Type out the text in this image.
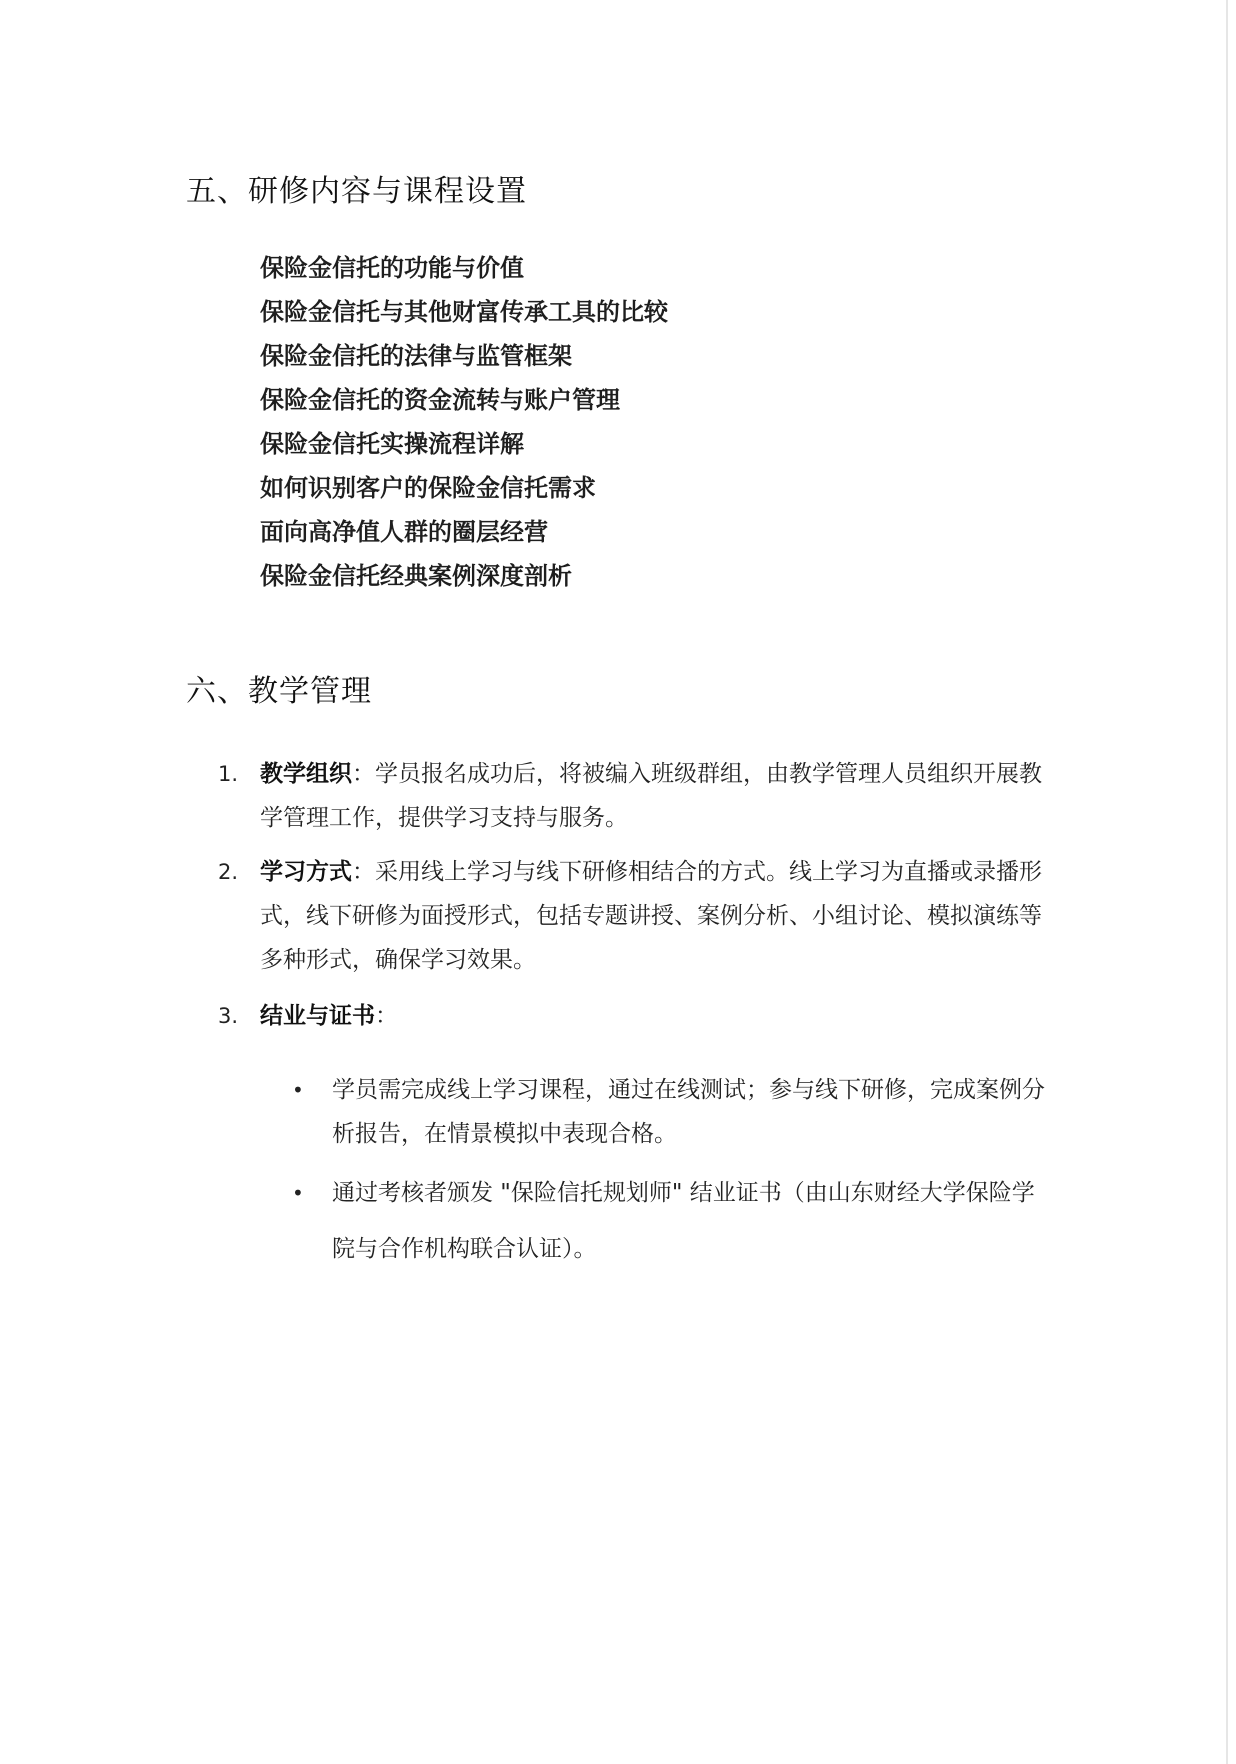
五、研修内容与课程设置
保险金信托的功能与价值
保险金信托与其他财富传承工具的比较
保险金信托的法律与监管框架
保险金信托的资金流转与账户管理
保险金信托实操流程详解
如何识别客户的保险金信托需求
面向高净值人群的圈层经营
保险金信托经典案例深度剖析
六、教学管理
1. 教学组织：学员报名成功后，将被编入班级群组，由教学管理人员组织开展教学管理工作，提供学习支持与服务。
2. 学习方式：采用线上学习与线下研修相结合的方式。线上学习为直播或录播形式，线下研修为面授形式，包括专题讲授、案例分析、小组讨论、模拟演练等多种形式，确保学习效果。
3. 结业与证书：
• 学员需完成线上学习课程，通过在线测试；参与线下研修，完成案例分析报告，在情景模拟中表现合格。
• 通过考核者颁发 "保险信托规划师" 结业证书（由山东财经大学保险学院与合作机构联合认证）。
